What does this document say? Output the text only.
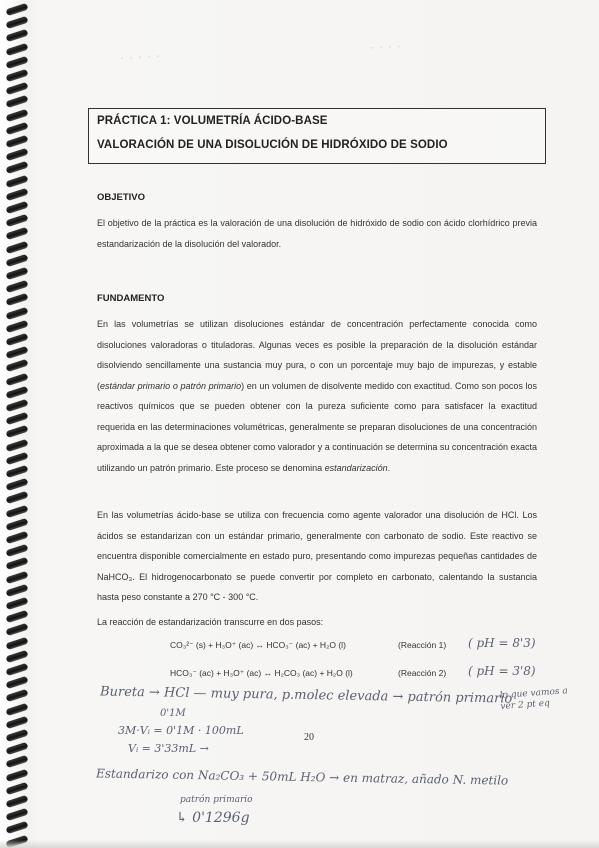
· · · · ·
· · · ·
PRÁCTICA 1: VOLUMETRÍA ÁCIDO-BASE
VALORACIÓN DE UNA DISOLUCIÓN DE HIDRÓXIDO DE SODIO
OBJETIVO

El objetivo de la práctica es la valoración de una disolución de hidróxido de sodio con ácido clorhídrico previa estandarización de la disolución del valorador.

FUNDAMENTO

En las volumetrías se utilizan disoluciones estándar de concentración perfectamente conocida como disoluciones valoradoras o tituladoras. Algunas veces es posible la preparación de la disolución estándar disolviendo sencillamente una sustancia muy pura, o con un porcentaje muy bajo de impurezas, y estable (estándar primario o patrón primario) en un volumen de disolvente medido con exactitud. Como son pocos los reactivos químicos que se pueden obtener con la pureza suficiente como para satisfacer la exactitud requerida en las determinaciones volumétricas, generalmente se preparan disoluciones de una concentración aproximada a la que se desea obtener como valorador y a continuación se determina su concentración exacta utilizando un patrón primario. Este proceso se denomina estandarización.

En las volumetrías ácido-base se utiliza con frecuencia como agente valorador una disolución de HCl. Los ácidos se estandarizan con un estándar primario, generalmente con carbonato de sodio. Este reactivo se encuentra disponible comercialmente en estado puro, presentando como impurezas pequeñas cantidades de NaHCO₃. El hidrogenocarbonato se puede convertir por completo en carbonato, calentando la sustancia hasta peso constante a 270 °C - 300 °C.

La reacción de estandarización transcurre en dos pasos:

CO₃²⁻ (s) + H₃O⁺ (ac) ↔ HCO₃⁻ (ac) + H₂O (l)	(Reacción 1) ( pH = 8'3)
HCO₃⁻ (ac) + H₃O⁺ (ac) ↔ H₂CO₃ (ac) + H₂O (l)	(Reacción 2) ( pH = 3'8)
Bureta → HCl — muy pura, p.molec elevada → patrón primario
0'1M
lo que vamos a ver 2 pt eq
3M·Vᵢ = 0'1M · 100mL
Vᵢ = 3'33mL →
20
Estandarizo con Na₂CO₃ + 50mL H₂O → en matraz, añado N. metilo
patrón primario
↳ 0'1296g
